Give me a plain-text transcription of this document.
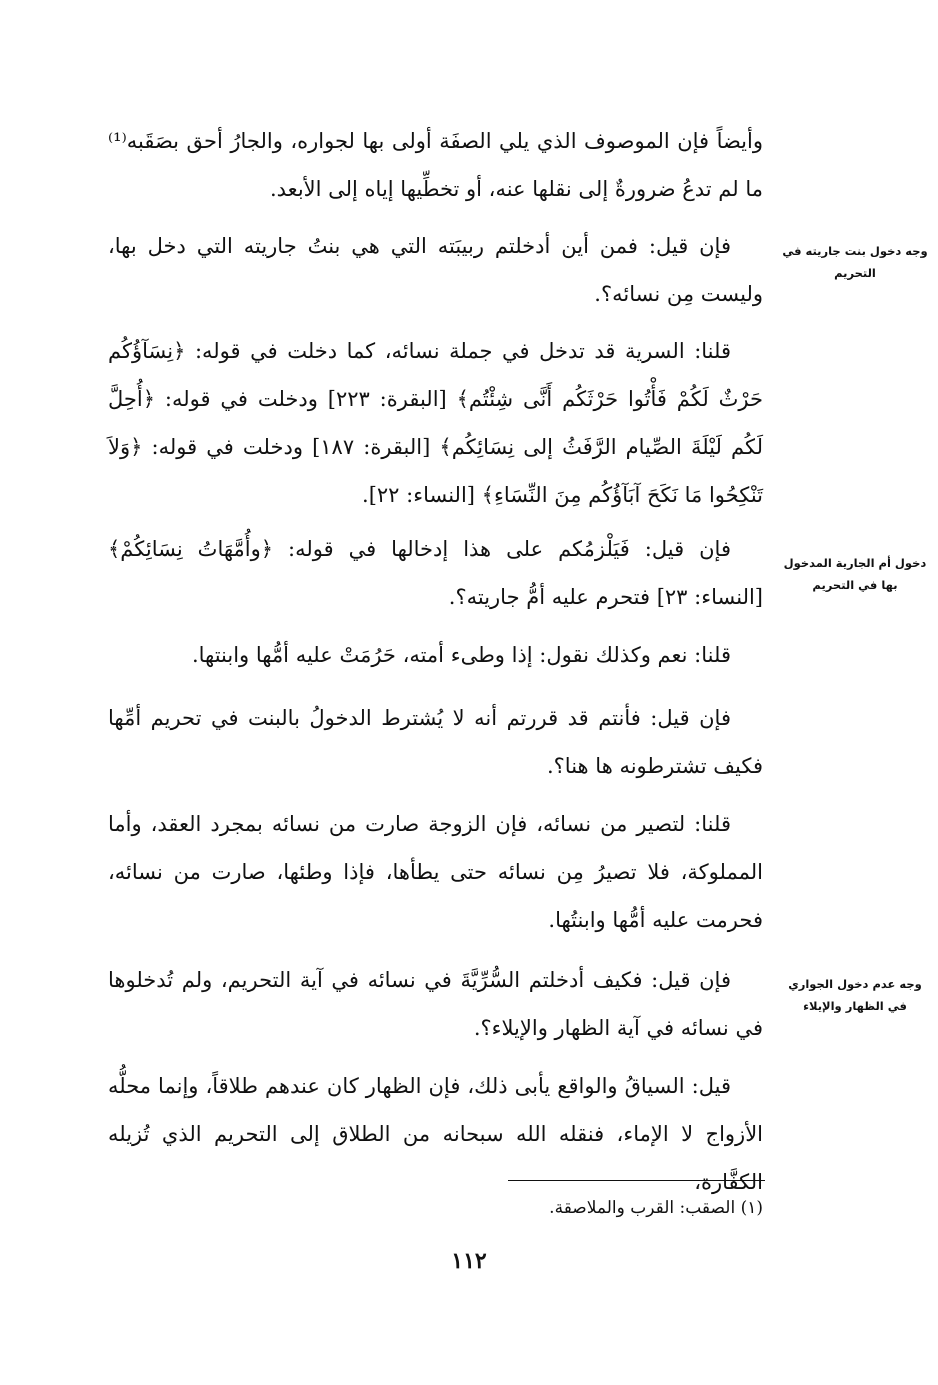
وأيضاً فإن الموصوف الذي يلي الصفَة أولى بها لجواره، والجارُ أحق بصَقَبه⁽¹⁾ ما لم تدعُ ضرورةٌ إلى نقلها عنه، أو تخطِّيها إياه إلى الأبعد.

وجه دخول بنت جاريته في التحريم

فإن قيل: فمن أين أدخلتم ربيبَته التي هي بنتُ جاريته التي دخل بها، وليست مِن نسائه؟.

قلنا: السرية قد تدخل في جملة نسائه، كما دخلت في قوله: ﴿نِسَآؤُكُم حَرْثٌ لَكُمْ فَأْتُوا حَرْثَكُم أَنَّى شِئْتُم﴾ [البقرة: ٢٢٣] ودخلت في قوله: ﴿أُحِلَّ لَكُم لَيْلَةَ الصِّيام الرَّفَثُ إلى نِسَائِكُم﴾ [البقرة: ١٨٧] ودخلت في قوله: ﴿وَلاَ تَنْكِحُوا مَا نَكَحَ آبَآؤُكُم مِنَ النِّسَاءِ﴾ [النساء: ٢٢].

دخول أم الجارية المدخول بها في التحريم

فإن قيل: فَيَلْزمُكم على هذا إدخالها في قوله: ﴿وأُمَّهَاتُ نِسَائِكُمْ﴾ [النساء: ٢٣] فتحرم عليه أمُّ جاريته؟.

قلنا: نعم وكذلك نقول: إذا وطىء أمته، حَرُمَتْ عليه أمُّها وابنتها.

فإن قيل: فأنتم قد قررتم أنه لا يُشترط الدخولُ بالبنت في تحريم أمِّها فكيف تشترطونه ها هنا؟.

قلنا: لتصير من نسائه، فإن الزوجة صارت من نسائه بمجرد العقد، وأما المملوكة، فلا تصيرُ مِن نسائه حتى يطأها، فإذا وطئها، صارت من نسائه، فحرمت عليه أمُّها وابنتُها.

وجه عدم دخول الجواري في الظهار والإيلاء

فإن قيل: فكيف أدخلتم السُّرِّيَّةَ في نسائه في آية التحريم، ولم تُدخلوها في نسائه في آية الظهار والإيلاء؟.

قيل: السياقُ والواقع يأبى ذلك، فإن الظهار كان عندهم طلاقاً، وإنما محلُّه الأزواج لا الإماء، فنقله الله سبحانه من الطلاق إلى التحريم الذي تُزيله الكفَّارة،

(١) الصقب: القرب والملاصقة.

١١٢
